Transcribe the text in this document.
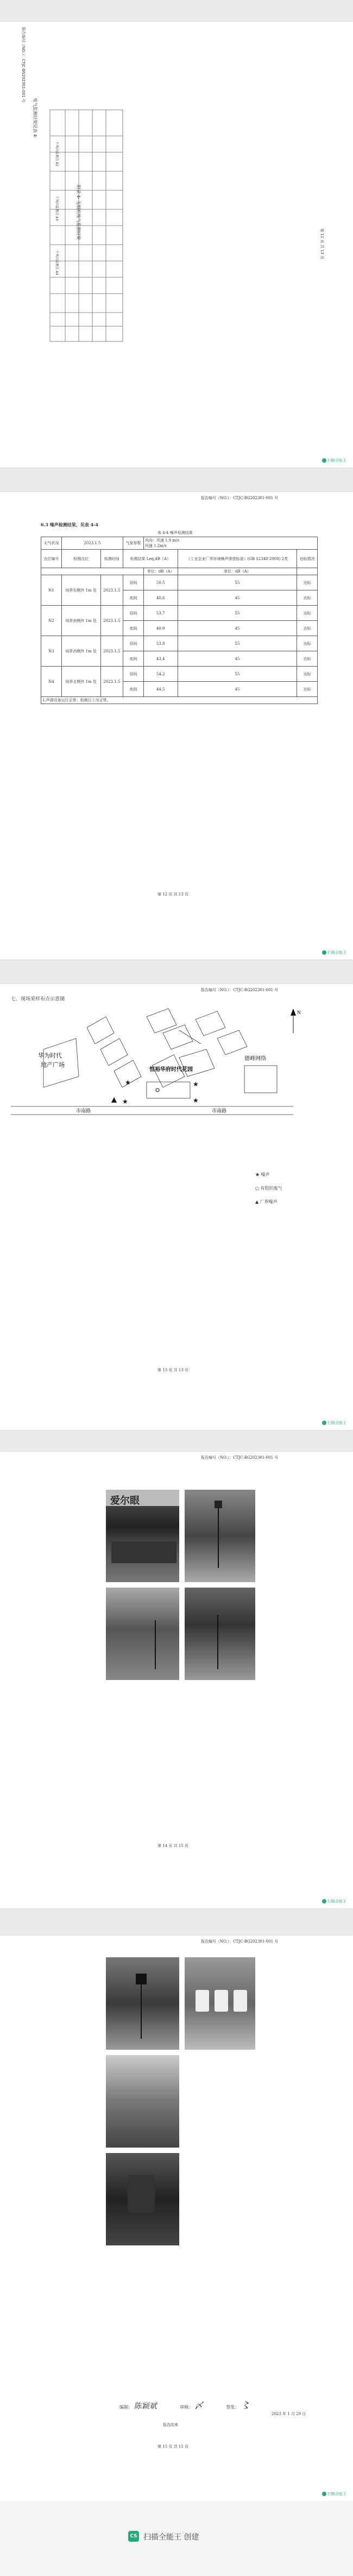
报告编号（NO.）：CTJC-BG202301-001 号
废气监测结果见表 4-
附录 4- 无组织废气监测结果
下风向监测点 A2
下风向监测点 A3
下风向监测点 A4
第 11 页 共 13 页
扫描全能王
报告编号（NO.）：CTJC-BG202301-001 号
6.3 噪声检测结果，见表 4-4
表 4-4 噪声检测结果
天气状况	2023.1.5		气象参数	风向：风速 1.9 m/s
风速 1.2m/s		
点位编号	检测点位	检测时间	检测结果 Leq,dB（A）		《工业企业厂界环境噪声排放标准》(GB 12348-2008) 2类	达标情况
				单位：dB（A）	单位：dB（A）	
N1	场界东侧外 1m 处	2023.1.5	昼间	50.5	55	达标
			夜间	40.6	45	达标
N2	场界南侧外 1m 处	2023.1.5	昼间	53.7	55	达标
			夜间	40.9	45	达标
N3	场界西侧外 1m 处	2023.1.5	昼间	53.8	55	达标
			夜间	43.4	45	达标
N4	场界北侧外 1m 处	2023.1.5	昼间	54.2	55	达标
			夜间	44.5	45	达标
1.声源设备运行正常：检测日工况正常。						
第 12 页 共 13 页
扫描全能王
报告编号（NO.）：CTJC-BG202301-001 号
七、现场采样布点示意图
N
华为时代
地产广场
恒裕华府时代花园
德峰网络
市南路	市南路
★	★
★	★
★ 噪声
○ 有组织废气
▲ 厂界噪声
第 13 页 共 13 页
扫描全能王
报告编号（NO.）：CTJC-BG202301-001 号
爱尔眼
第 14 页 共 15 页
扫描全能王
报告编号（NO.）：CTJC-BG202301-001 号
编制： 陈颖斌	审核： 〆	签发： 〻
2023 年 1 月 29 日
报告结束
第 15 页 共 15 页
扫描全能王
CS 扫描全能王 创建
